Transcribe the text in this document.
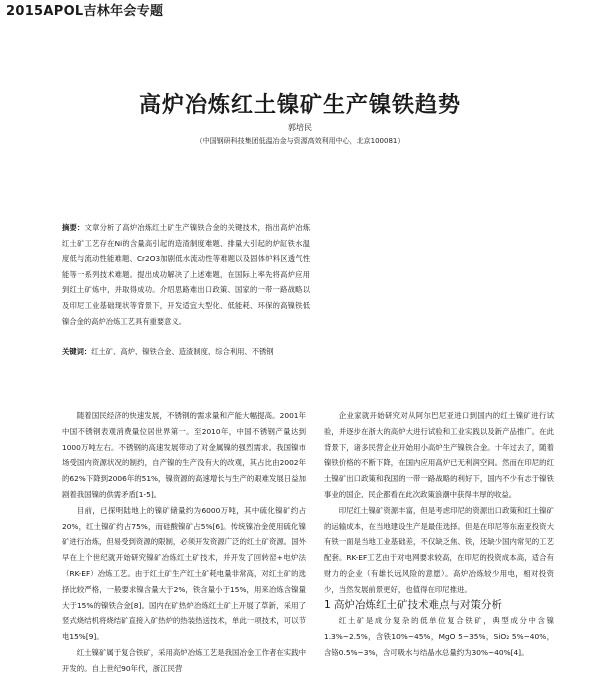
2015APOL吉林年会专题
高炉冶炼红土镍矿生产镍铁趋势
郭培民
（中国钢研科技集团低温冶金与资源高效利用中心，北京100081）
摘要：文章分析了高炉冶炼红土矿生产镍铁合金的关键技术，指出高炉冶炼红土矿工艺存在Ni的含量高引起的造渣制度难题、排量大引起的炉缸铁水温度低与流动性能难题、Cr2O3加剧低水流动性等难题以及固体炉料区透气性能等一系列技术难题。提出成功解决了上述难题，在国际上率先将高炉应用到红土矿炼中，并取得成功。介绍思路难出口政策、国家的一带一路战略以及印尼工业基础现状等背景下，开发适宜大型化、低能耗、环保的高镍铁低镍合金的高炉冶炼工艺具有重要意义。
关键词：红土矿、高炉、镍铁合金、造渣制度、综合利用、不锈钢

随着国民经济的快速发展，不锈钢的需求量和产能大幅提高。2001年中国不锈钢表观消费量位居世界第一。至2010年，中国不锈钢产量达到1000万吨左右。不锈钢的高速发展带动了对金属镍的强烈需求。我国镍市场受国内资源状况的制约，自产镍的生产没有大的改观，其占比由2002年的62%下降到2006年的51%，镍资源的高速增长与生产的艰难发展日益加剧着我国镍的供需矛盾[1-5]。

目前，已探明陆地上的镍矿储量约为6000万吨，其中硫化镍矿约占20%，红土镍矿约占75%，而硅酸镍矿占5%[6]。传统镍冶金使用硫化镍矿进行冶炼，但易受到资源的限制，必须开发资源广泛的红土矿资源。国外早在上个世纪就开始研究镍矿冶炼红土矿技术，并开发了回转窑+电炉法（RK-EF）冶炼工艺。由于红土矿生产红土矿耗电量非常高，对红土矿的选择比较严格，一般要求镍含量大于2%，铁含量小于15%，用来冶炼含镍量大于15%的镍铁合金[8]。国内在矿热炉冶炼红土矿上开展了草新，采用了竖式烧结机将烧结矿直接入矿热炉的热装热送技术，单此一项技术，可以节电15%[9]。

红土镍矿属于复合铁矿，采用高炉冶炼工艺是我国冶金工作者在实践中开发的。自上世纪90年代，浙江民营

企业家就开始研究对从阿尔巴尼亚进口到国内的红土镍矿进行试验，并逐步在浙大的高炉大进行试验和工业实践以及新产品推广。在此背景下，诸多民营企业开始用小高炉生产镍铁合金。十年过去了，随着镍铁价格的不断下降，在国内应用高炉已无利润空间。然而在印尼的红土镍矿出口政策和我国的一带一路战略的利好下，国内不少有志于镍铁事业的国企、民企都看在此次政策浪潮中获得丰厚的收益。

印尼红土镍矿资源丰富，但是考虑印尼的资源出口政策和红土镍矿的运输成本，在当地建设生产是最佳选择。但是在印尼等东南亚投资大有铁一面是当地工业基础差，不仅缺乏焦、铁，还缺少国内常见的工艺配套。RK-EF工艺由于对电网要求较高，在印尼的投资成本高，适合有财力的企业（有雄长远风险的意愿）。高炉冶炼较少用电，相对投资少，当然发展前景更好，也值得在印尼推进。

1 高炉冶炼红土矿技术难点与对策分析

红土矿是成分复杂的低单位复合铁矿，典型成分中含镍1.3%~2.5%，含铁10%~45%，MgO 5~35%，SiO₂ 5%~40%，含铬0.5%~3%，含可吸水与结晶水总量约为30%~40%[4]。
